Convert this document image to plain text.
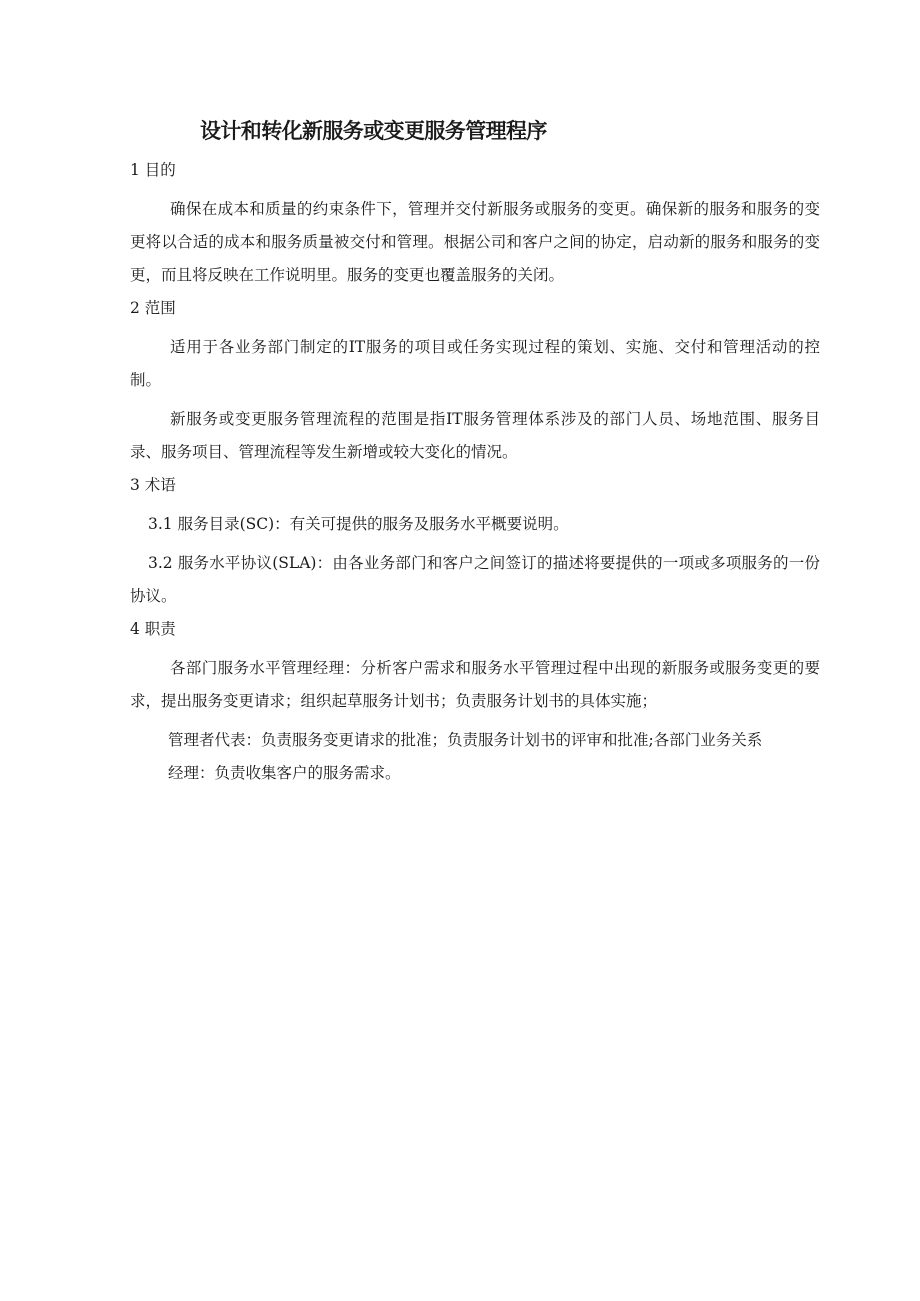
设计和转化新服务或变更服务管理程序

1 目的

确保在成本和质量的约束条件下，管理并交付新服务或服务的变更。确保新的服务和服务的变更将以合适的成本和服务质量被交付和管理。根据公司和客户之间的协定，启动新的服务和服务的变更，而且将反映在工作说明里。服务的变更也覆盖服务的关闭。

2 范围

适用于各业务部门制定的IT服务的项目或任务实现过程的策划、实施、交付和管理活动的控制。

新服务或变更服务管理流程的范围是指IT服务管理体系涉及的部门人员、场地范围、服务目录、服务项目、管理流程等发生新增或较大变化的情况。

3 术语

3.1 服务目录(SC)：有关可提供的服务及服务水平概要说明。

3.2 服务水平协议(SLA)：由各业务部门和客户之间签订的描述将要提供的一项或多项服务的一份协议。

4 职责

各部门服务水平管理经理：分析客户需求和服务水平管理过程中出现的新服务或服务变更的要求，提出服务变更请求；组织起草服务计划书；负责服务计划书的具体实施；

管理者代表：负责服务变更请求的批准；负责服务计划书的评审和批准;各部门业务关系

经理：负责收集客户的服务需求。
